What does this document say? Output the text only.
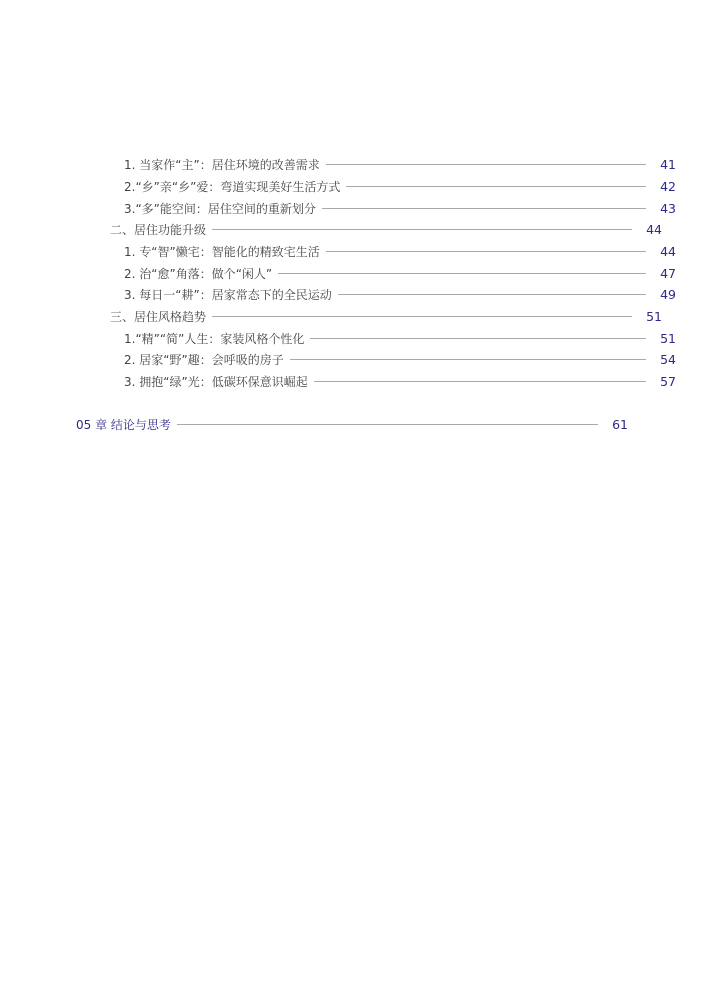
1. 当家作“主”：居住环境的改善需求	41
2.“乡”亲“乡”爱：弯道实现美好生活方式	42
3.“多”能空间：居住空间的重新划分	43
二、居住功能升级	44
1. 专“智”懒宅：智能化的精致宅生活	44
2. 治“愈”角落：做个“闲人”	47
3. 每日一“耕”：居家常态下的全民运动	49
三、居住风格趋势	51
1.“精”“简”人生：家装风格个性化	51
2. 居家“野”趣：会呼吸的房子	54
3. 拥抱“绿”光：低碳环保意识崛起	57
05 章 结论与思考	61
